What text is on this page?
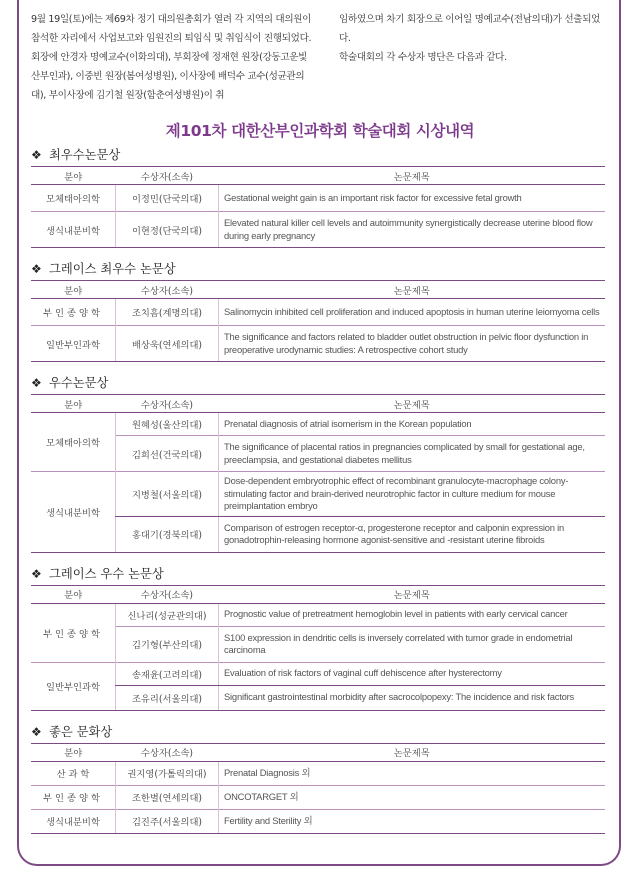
9월 19일(토)에는 제69차 정기 대의원총회가 열려 각 지역의 대의원이 참석한 자리에서 사업보고와 임원진의 퇴임식 및 취임식이 진행되었다. 회장에 안경자 명예교수(이화의대), 부회장에 정재현 원장(강동고운빛산부인과), 이중빈 원장(봄여성병원), 이사장에 배덕수 교수(성균관의대), 부이사장에 김기철 원장(함춘여성병원)이 취

임하였으며 차기 회장으로 이어일 명예교수(전남의대)가 선출되었다.

학술대회의 각 수상자 명단은 다음과 같다.

제101차 대한산부인과학회 학술대회 시상내역
❖ 최우수논문상
분야	수상자(소속)	논문제목
모체태아의학	이정민(단국의대)	Gestational weight gain is an important risk factor for excessive fetal growth
생식내분비학	이현정(단국의대)	Elevated natural killer cell levels and autoimmunity synergistically decrease uterine blood flow during early pregnancy
❖ 그레이스 최우수 논문상
분야	수상자(소속)	논문제목
부인종양학	조치흠(계명의대)	Salinomycin inhibited cell proliferation and induced apoptosis in human uterine leiomyoma cells
일반부인과학	배상욱(연세의대)	The significance and factors related to bladder outlet obstruction in pelvic floor dysfunction in preoperative urodynamic studies: A retrospective cohort study
❖ 우수논문상
분야	수상자(소속)	논문제목
모체태아의학	원혜성(울산의대)	Prenatal diagnosis of atrial isomerism in the Korean population
	김희선(건국의대)	The significance of placental ratios in pregnancies complicated by small for gestational age, preeclampsia, and gestational diabetes mellitus
생식내분비학	지병철(서울의대)	Dose-dependent embryotrophic effect of recombinant granulocyte-macrophage colony-stimulating factor and brain-derived neurotrophic factor in culture medium for mouse preimplantation embryo
	홍대기(경북의대)	Comparison of estrogen receptor-α, progesterone receptor and calponin expression in gonadotrophin-releasing hormone agonist-sensitive and -resistant uterine fibroids
❖ 그레이스 우수 논문상
분야	수상자(소속)	논문제목
부인종양학	신나리(성균관의대)	Prognostic value of pretreatment hemoglobin level in patients with early cervical cancer
	김기형(부산의대)	S100 expression in dendritic cells is inversely correlated with tumor grade in endometrial carcinoma
일반부인과학	송재윤(고려의대)	Evaluation of risk factors of vaginal cuff dehiscence after hysterectomy
	조유리(서울의대)	Significant gastrointestinal morbidity after sacrocolpopexy: The incidence and risk factors
❖ 좋은 문화상
분야	수상자(소속)	논문제목
산 과 학	권지영(가톨릭의대)	Prenatal Diagnosis 외
부인종양학	조한별(연세의대)	ONCOTARGET 외
생식내분비학	김진주(서울의대)	Fertility and Sterility 외
